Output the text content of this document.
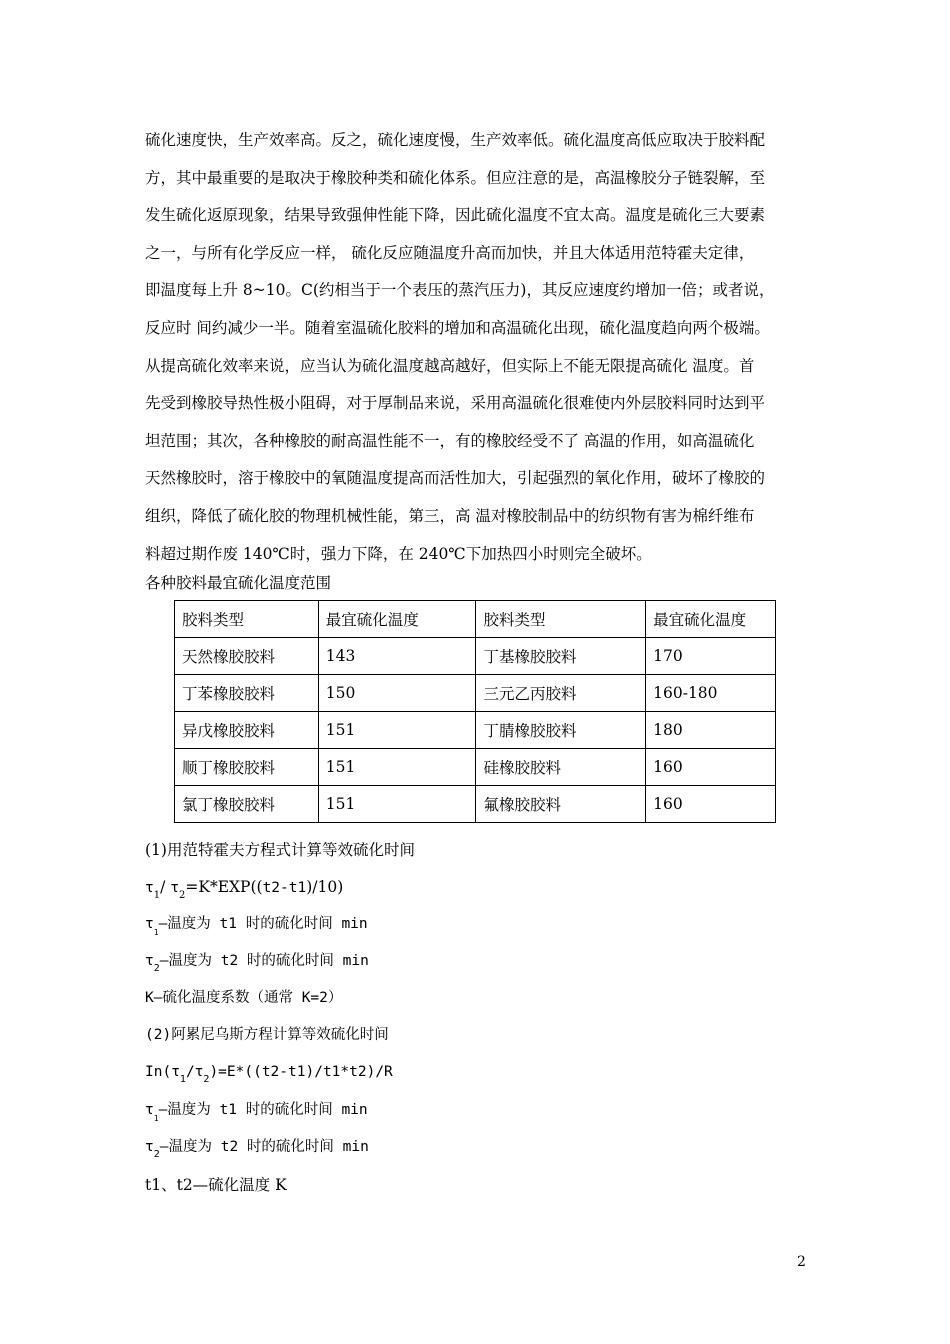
硫化速度快，生产效率高。反之，硫化速度慢，生产效率低。硫化温度高低应取决于胶料配
方，其中最重要的是取决于橡胶种类和硫化体系。但应注意的是，高温橡胶分子链裂解，至
发生硫化返原现象，结果导致强伸性能下降，因此硫化温度不宜太高。温度是硫化三大要素
之一，与所有化学反应一样， 硫化反应随温度升高而加快，并且大体适用范特霍夫定律，
即温度每上升 8~10。C(约相当于一个表压的蒸汽压力)，其反应速度约增加一倍；或者说，
反应时 间约减少一半。随着室温硫化胶料的增加和高温硫化出现，硫化温度趋向两个极端。
从提高硫化效率来说，应当认为硫化温度越高越好，但实际上不能无限提高硫化 温度。首
先受到橡胶导热性极小阻碍，对于厚制品来说，采用高温硫化很难使内外层胶料同时达到平
坦范围；其次，各种橡胶的耐高温性能不一，有的橡胶经受不了 高温的作用，如高温硫化
天然橡胶时，溶于橡胶中的氧随温度提高而活性加大，引起强烈的氧化作用，破坏了橡胶的
组织，降低了硫化胶的物理机械性能，第三，高 温对橡胶制品中的纺织物有害为棉纤维布
料超过期作废 140℃时，强力下降，在 240℃下加热四小时则完全破坏。
各种胶料最宜硫化温度范围
胶料类型	最宜硫化温度	胶料类型	最宜硫化温度
天然橡胶胶料	143	丁基橡胶胶料	170
丁苯橡胶胶料	150	三元乙丙胶料	160-180
异戊橡胶胶料	151	丁腈橡胶胶料	180
顺丁橡胶胶料	151	硅橡胶胶料	160
氯丁橡胶胶料	151	氟橡胶胶料	160
(1)用范特霍夫方程式计算等效硫化时间
$\tau_1/$ $\tau_2=K*EXP((t2-t1)/10)$
$\tau_1—$温度为 t1 时的硫化时间 min
$\tau_2—$温度为 t2 时的硫化时间 min
K—硫化温度系数（通常 K=2）
(2)阿累尼乌斯方程计算等效硫化时间
$In(\tau_1/\tau_2)=E*((t2-t1)/t1*t2)/R$
$\tau_1—$温度为 t1 时的硫化时间 min
$\tau_2—$温度为 t2 时的硫化时间 min
t1、t2—硫化温度 K
2
